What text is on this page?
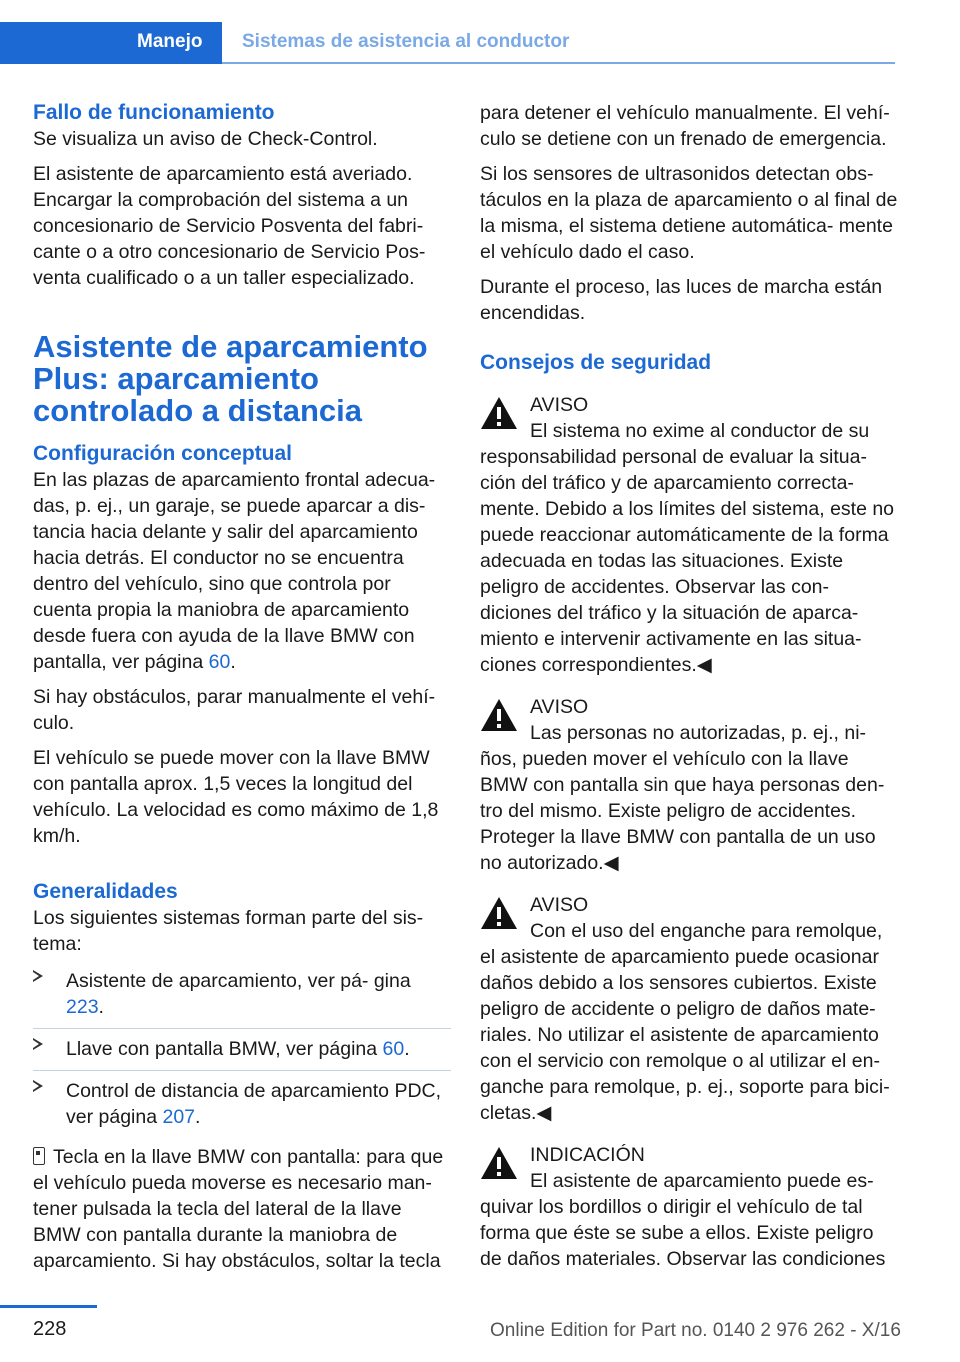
Manejo Sistemas de asistencia al conductor
Fallo de funcionamiento

Se visualiza un aviso de Check-Control.

El asistente de aparcamiento está averiado. Encargar la comprobación del sistema a un concesionario de Servicio Posventa del fabri- cante o a otro concesionario de Servicio Pos- venta cualificado o a un taller especializado.

Asistente de aparcamiento Plus: aparcamiento controlado a distancia
Configuración conceptual

En las plazas de aparcamiento frontal adecua- das, p. ej., un garaje, se puede aparcar a dis- tancia hacia delante y salir del aparcamiento hacia detrás. El conductor no se encuentra dentro del vehículo, sino que controla por cuenta propia la maniobra de aparcamiento desde fuera con ayuda de la llave BMW con pantalla, ver página 60.

Si hay obstáculos, parar manualmente el vehí- culo.

El vehículo se puede mover con la llave BMW con pantalla aprox. 1,5 veces la longitud del vehículo. La velocidad es como máximo de 1,8 km/h.

Generalidades

Los siguientes sistemas forman parte del sis- tema:

Asistente de aparcamiento, ver pá- gina 223.
Llave con pantalla BMW, ver página 60.
Control de distancia de aparcamiento PDC, ver página 207.

Tecla en la llave BMW con pantalla: para que el vehículo pueda moverse es necesario man- tener pulsada la tecla del lateral de la llave BMW con pantalla durante la maniobra de aparcamiento. Si hay obstáculos, soltar la tecla

para detener el vehículo manualmente. El vehí- culo se detiene con un frenado de emergencia.

Si los sensores de ultrasonidos detectan obs- táculos en la plaza de aparcamiento o al final de la misma, el sistema detiene automática- mente el vehículo dado el caso.

Durante el proceso, las luces de marcha están encendidas.

Consejos de seguridad

AVISO

El sistema no exime al conductor de su

responsabilidad personal de evaluar la situa- ción del tráfico y de aparcamiento correcta- mente. Debido a los límites del sistema, este no puede reaccionar automáticamente de la forma adecuada en todas las situaciones. Existe peligro de accidentes. Observar las con- diciones del tráfico y la situación de aparca- miento e intervenir activamente en las situa- ciones correspondientes.◀

AVISO

Las personas no autorizadas, p. ej., ni-

ños, pueden mover el vehículo con la llave BMW con pantalla sin que haya personas den- tro del mismo. Existe peligro de accidentes. Proteger la llave BMW con pantalla de un uso no autorizado.◀

AVISO

Con el uso del enganche para remolque,

el asistente de aparcamiento puede ocasionar daños debido a los sensores cubiertos. Existe peligro de accidente o peligro de daños mate- riales. No utilizar el asistente de aparcamiento con el servicio con remolque o al utilizar el en- ganche para remolque, p. ej., soporte para bici- cletas.◀

INDICACIÓN

El asistente de aparcamiento puede es-

quivar los bordillos o dirigir el vehículo de tal forma que éste se sube a ellos. Existe peligro de daños materiales. Observar las condiciones

228	Online Edition for Part no. 0140 2 976 262 - X/16
